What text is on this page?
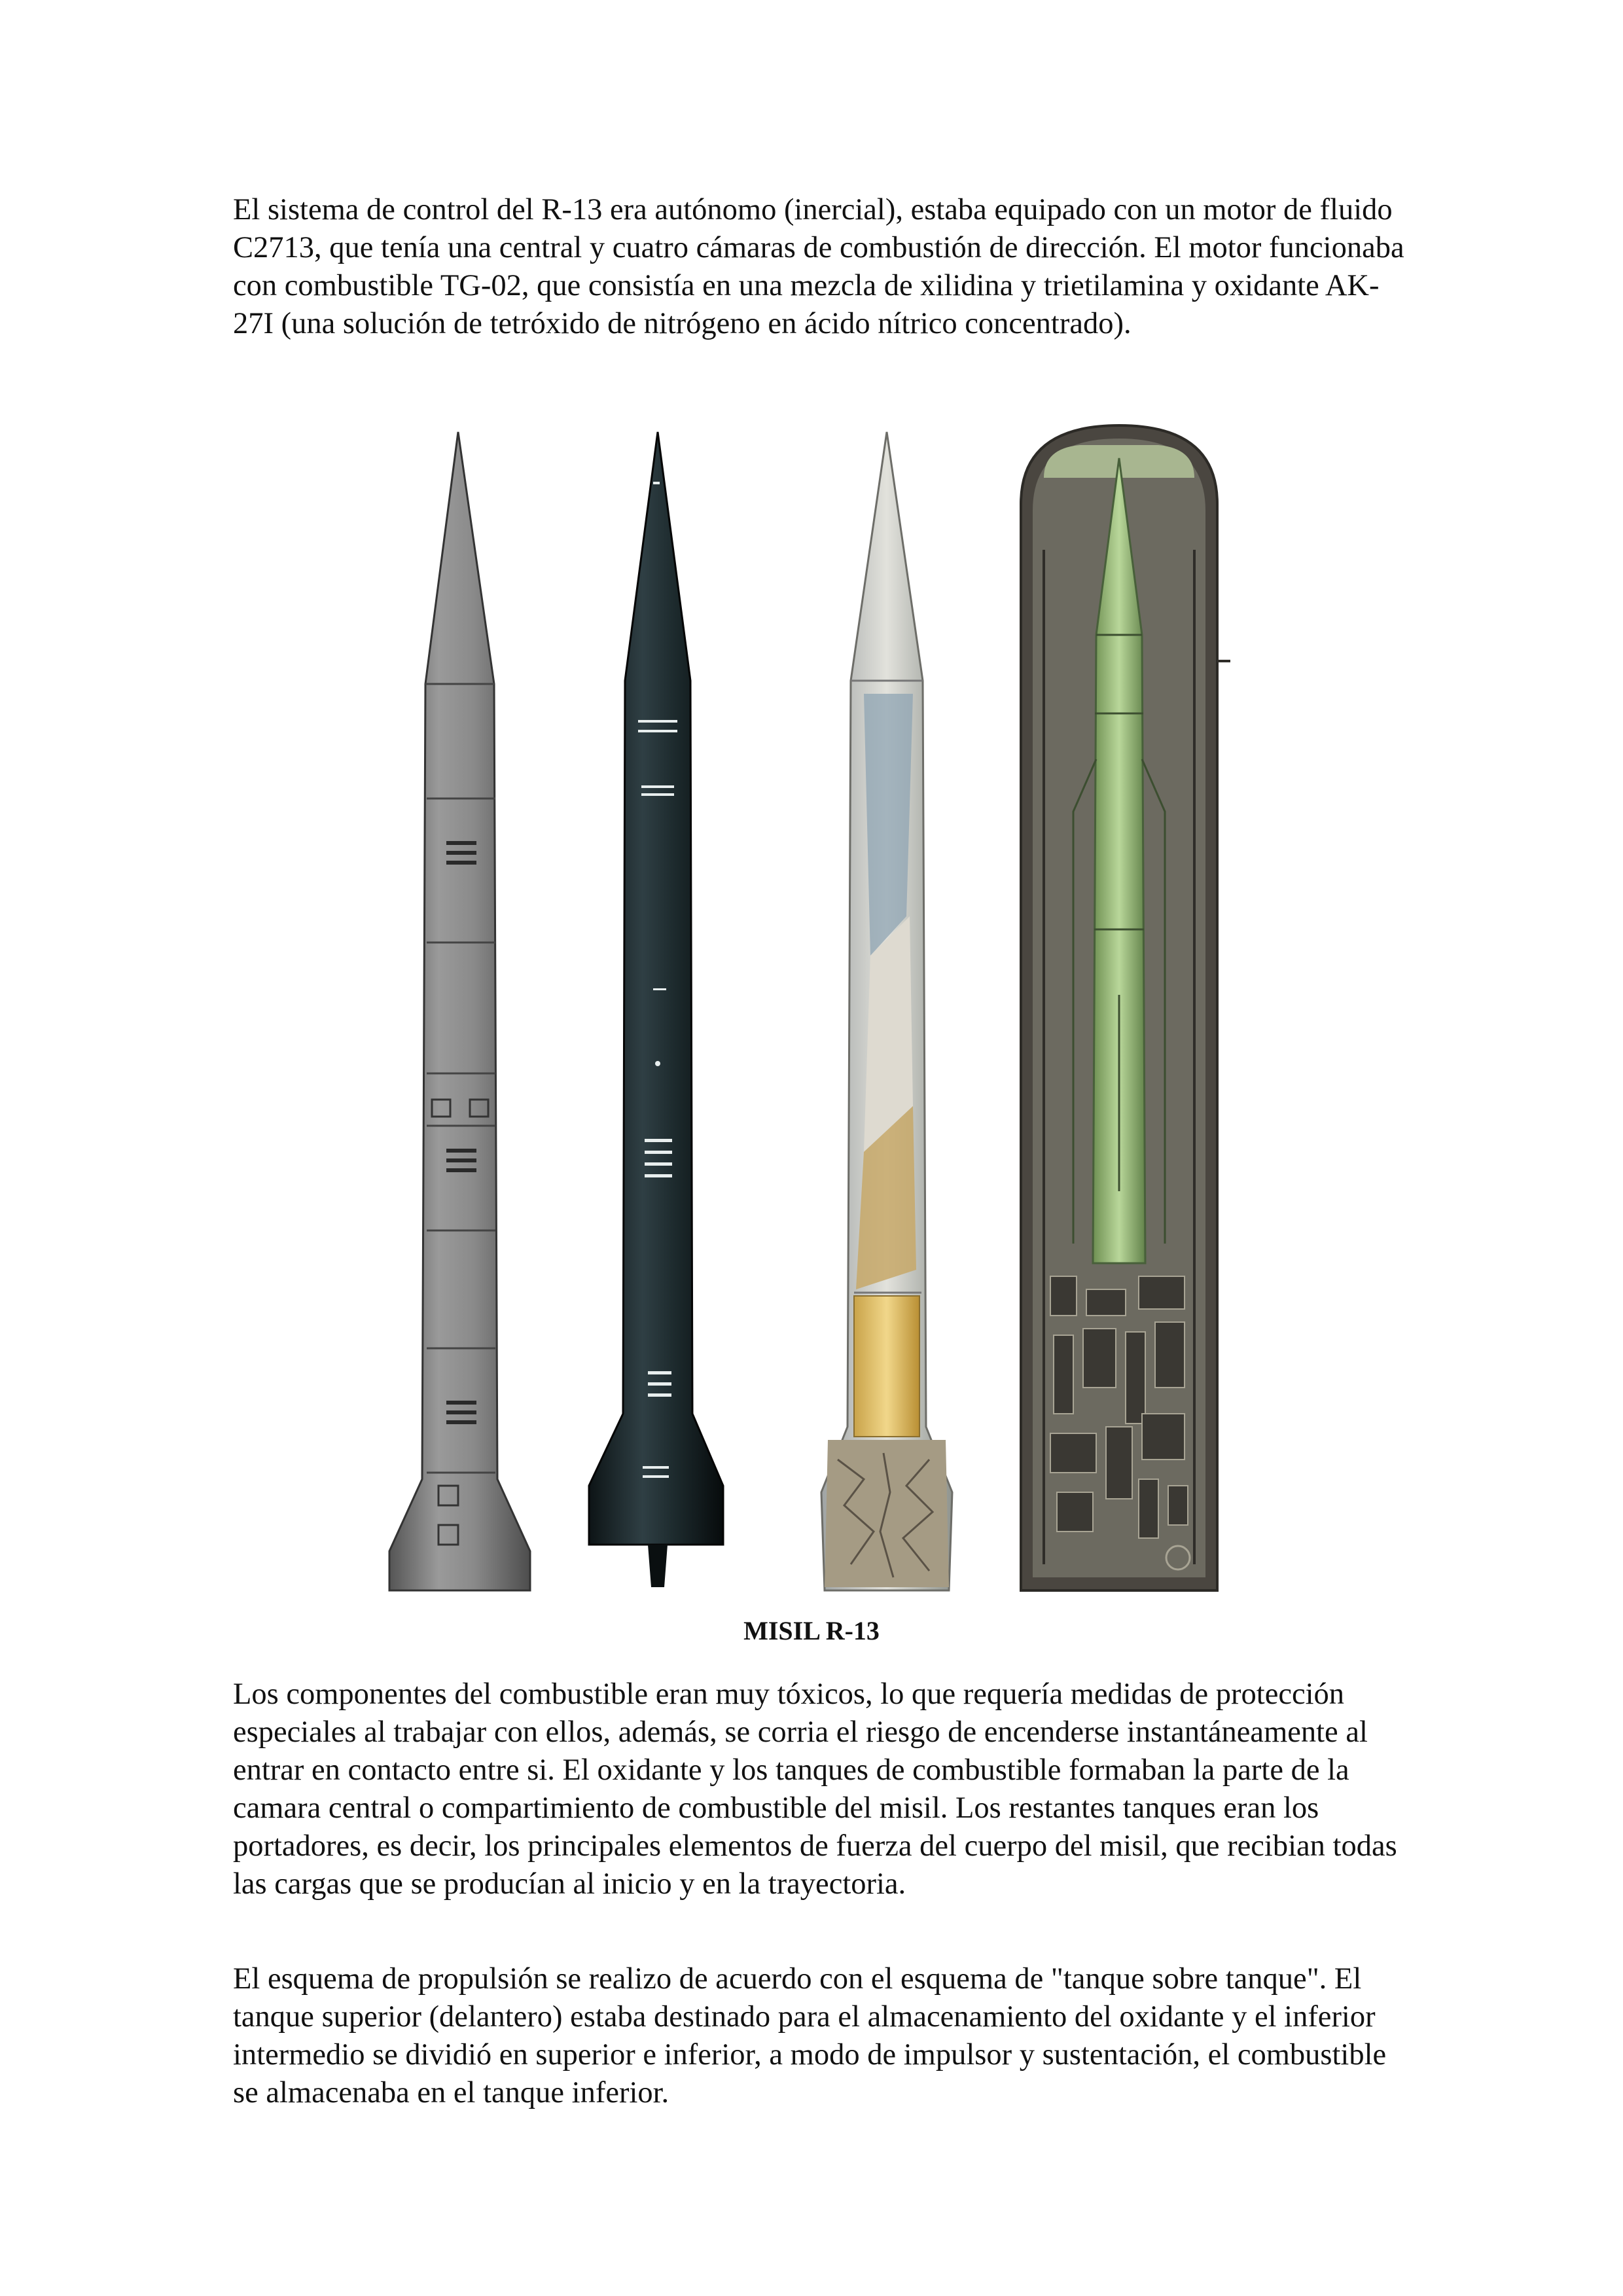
El sistema de control del R-13 era autónomo (inercial), estaba equipado con un motor de fluido C2713, que tenía una central y cuatro cámaras de combustión de dirección. El motor funcionaba con combustible TG-02, que consistía en una mezcla de xilidina y trietilamina y oxidante AK-27I (una solución de tetróxido de nitrógeno en ácido nítrico concentrado).

MISIL R-13

Los componentes del combustible eran muy tóxicos, lo que requería medidas de protección especiales al trabajar con ellos, además, se corria el riesgo de encenderse instantáneamente al entrar en contacto entre si. El oxidante y los tanques de combustible formaban la parte de la camara central o compartimiento de combustible del misil. Los restantes tanques eran los portadores, es decir, los principales elementos de fuerza del cuerpo del misil, que recibian todas las cargas que se producían al inicio y en la trayectoria.

El esquema de propulsión se realizo de acuerdo con el esquema de "tanque sobre tanque". El tanque superior (delantero) estaba destinado para el almacenamiento del oxidante y el inferior intermedio se dividió en superior e inferior, a modo de impulsor y sustentación, el combustible se almacenaba en el tanque inferior.
